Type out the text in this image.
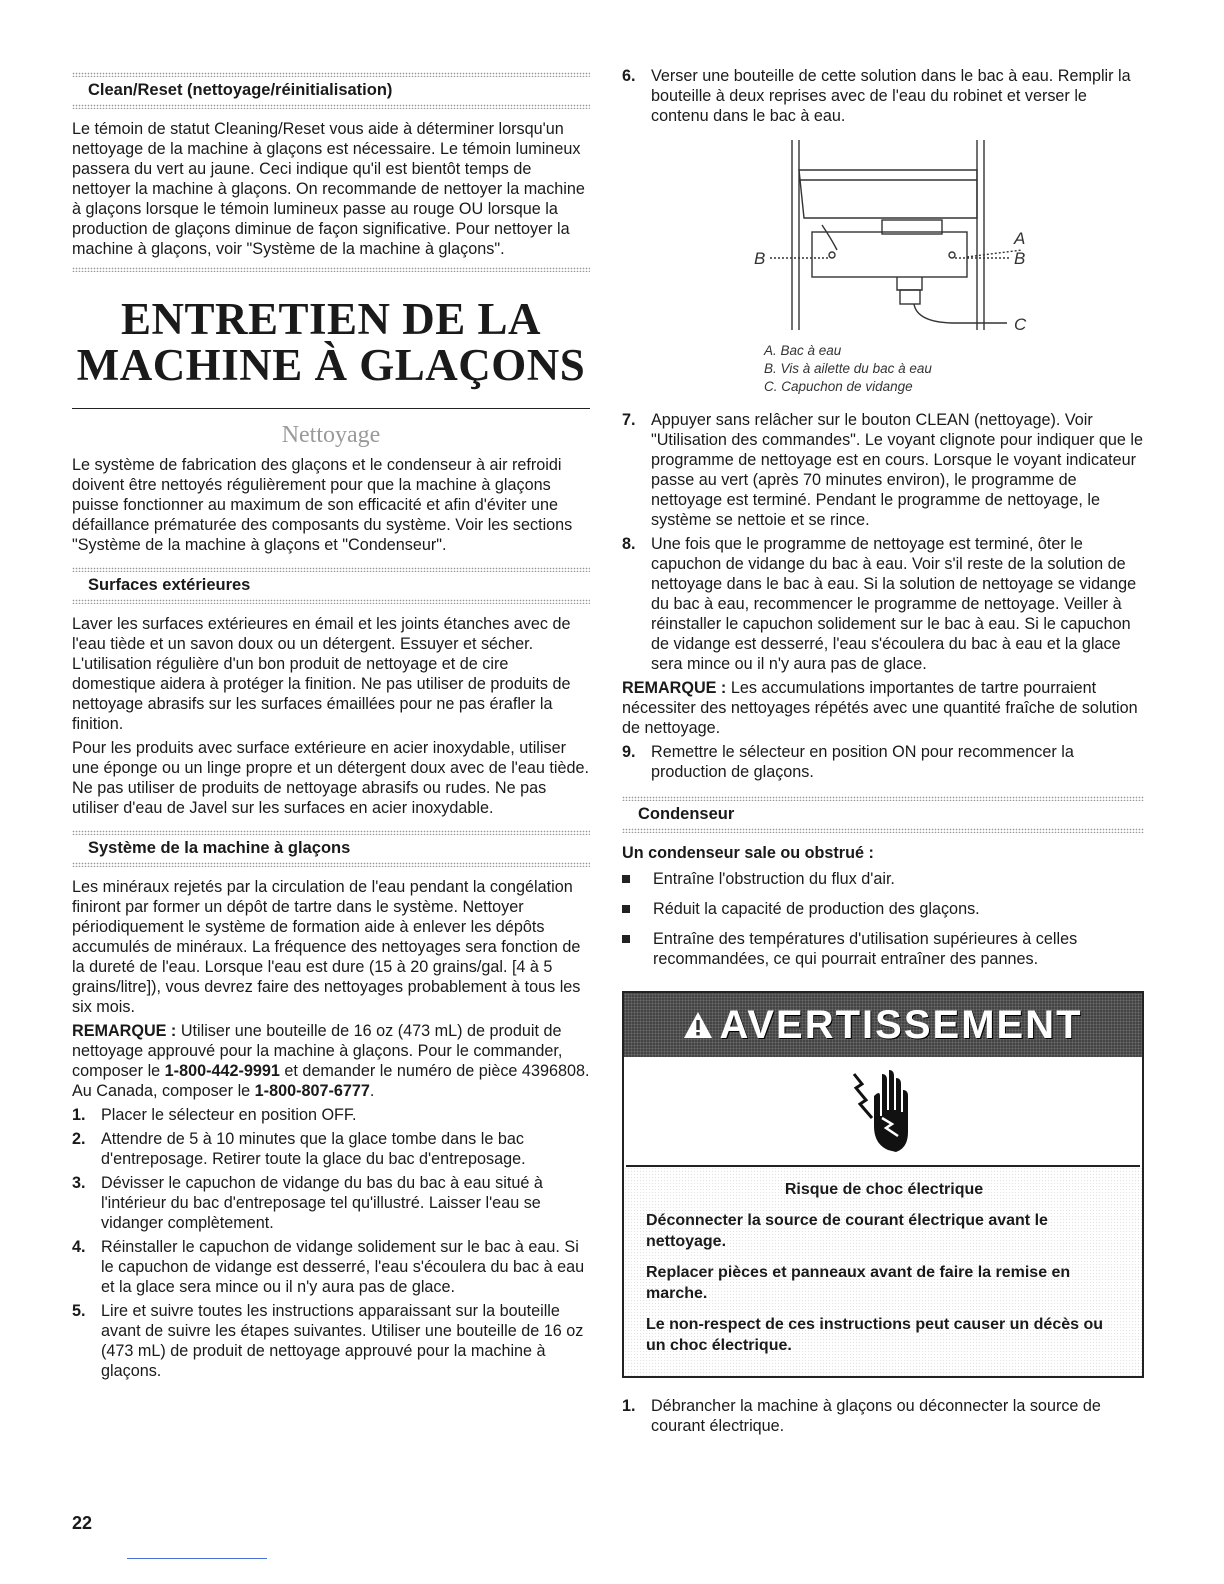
Clean/Reset (nettoyage/réinitialisation)

Le témoin de statut Cleaning/Reset vous aide à déterminer lorsqu'un nettoyage de la machine à glaçons est nécessaire. Le témoin lumineux passera du vert au jaune. Ceci indique qu'il est bientôt temps de nettoyer la machine à glaçons. On recommande de nettoyer la machine à glaçons lorsque le témoin lumineux passe au rouge OU lorsque la production de glaçons diminue de façon significative. Pour nettoyer la machine à glaçons, voir "Système de la machine à glaçons".

ENTRETIEN DE LA
MACHINE À GLAÇONS
Nettoyage

Le système de fabrication des glaçons et le condenseur à air refroidi doivent être nettoyés régulièrement pour que la machine à glaçons puisse fonctionner au maximum de son efficacité et afin d'éviter une défaillance prématurée des composants du système. Voir les sections "Système de la machine à glaçons et "Condenseur".

Surfaces extérieures

Laver les surfaces extérieures en émail et les joints étanches avec de l'eau tiède et un savon doux ou un détergent. Essuyer et sécher. L'utilisation régulière d'un bon produit de nettoyage et de cire domestique aidera à protéger la finition. Ne pas utiliser de produits de nettoyage abrasifs sur les surfaces émaillées pour ne pas érafler la finition.

Pour les produits avec surface extérieure en acier inoxydable, utiliser une éponge ou un linge propre et un détergent doux avec de l'eau tiède. Ne pas utiliser de produits de nettoyage abrasifs ou rudes. Ne pas utiliser d'eau de Javel sur les surfaces en acier inoxydable.

Système de la machine à glaçons

Les minéraux rejetés par la circulation de l'eau pendant la congélation finiront par former un dépôt de tartre dans le système. Nettoyer périodiquement le système de formation aide à enlever les dépôts accumulés de minéraux. La fréquence des nettoyages sera fonction de la dureté de l'eau. Lorsque l'eau est dure (15 à 20 grains/gal. [4 à 5 grains/litre]), vous devrez faire des nettoyages probablement à tous les six mois.

REMARQUE : Utiliser une bouteille de 16 oz (473 mL) de produit de nettoyage approuvé pour la machine à glaçons. Pour le commander, composer le 1-800-442-9991 et demander le numéro de pièce 4396808. Au Canada, composer le 1-800-807-6777.

1. Placer le sélecteur en position OFF.
2. Attendre de 5 à 10 minutes que la glace tombe dans le bac d'entreposage. Retirer toute la glace du bac d'entreposage.
3. Dévisser le capuchon de vidange du bas du bac à eau situé à l'intérieur du bac d'entreposage tel qu'illustré. Laisser l'eau se vidanger complètement.
4. Réinstaller le capuchon de vidange solidement sur le bac à eau. Si le capuchon de vidange est desserré, l'eau s'écoulera du bac à eau et la glace sera mince ou il n'y aura pas de glace.
5. Lire et suivre toutes les instructions apparaissant sur la bouteille avant de suivre les étapes suivantes. Utiliser une bouteille de 16 oz (473 mL) de produit de nettoyage approuvé pour la machine à glaçons.
6. Verser une bouteille de cette solution dans le bac à eau. Remplir la bouteille à deux reprises avec de l'eau du robinet et verser le contenu dans le bac à eau.
A
B	B
C
A. Bac à eau
B. Vis à ailette du bac à eau
C. Capuchon de vidange
7. Appuyer sans relâcher sur le bouton CLEAN (nettoyage). Voir "Utilisation des commandes". Le voyant clignote pour indiquer que le programme de nettoyage est en cours. Lorsque le voyant indicateur passe au vert (après 70 minutes environ), le programme de nettoyage est terminé. Pendant le programme de nettoyage, le système se nettoie et se rince.
8. Une fois que le programme de nettoyage est terminé, ôter le capuchon de vidange du bac à eau. Voir s'il reste de la solution de nettoyage dans le bac à eau. Si la solution de nettoyage se vidange du bac à eau, recommencer le programme de nettoyage. Veiller à réinstaller le capuchon solidement sur le bac à eau. Si le capuchon de vidange est desserré, l'eau s'écoulera du bac à eau et la glace sera mince ou il n'y aura pas de glace.

REMARQUE : Les accumulations importantes de tartre pourraient nécessiter des nettoyages répétés avec une quantité fraîche de solution de nettoyage.

9. Remettre le sélecteur en position ON pour recommencer la production de glaçons.
Condenseur

Un condenseur sale ou obstrué :

Entraîne l'obstruction du flux d'air.
Réduit la capacité de production des glaçons.
Entraîne des températures d'utilisation supérieures à celles recommandées, ce qui pourrait entraîner des pannes.
AVERTISSEMENT

Risque de choc électrique

Déconnecter la source de courant électrique avant le nettoyage.

Replacer pièces et panneaux avant de faire la remise en marche.

Le non-respect de ces instructions peut causer un décès ou un choc électrique.

1. Débrancher la machine à glaçons ou déconnecter la source de courant électrique.
22
